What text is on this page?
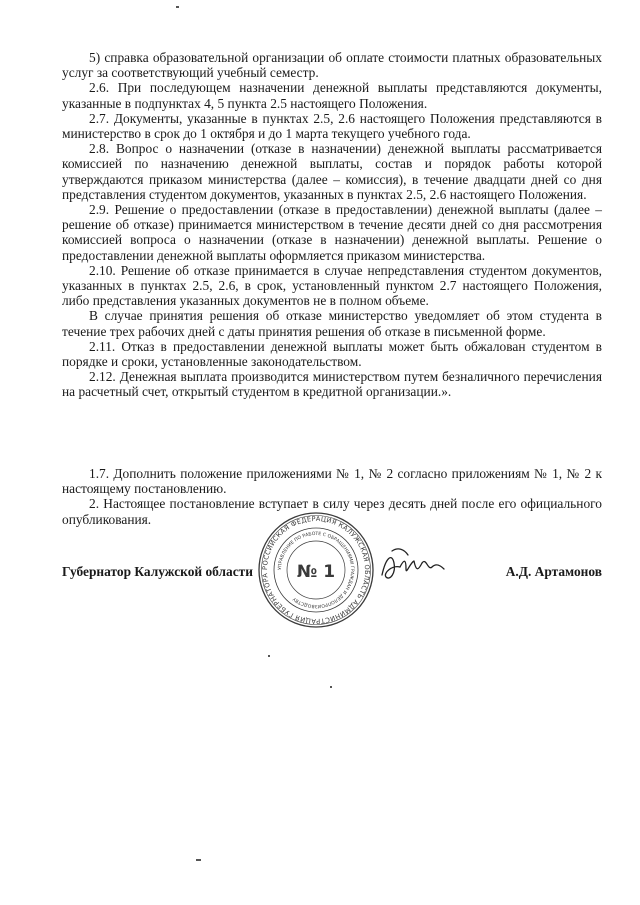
5) справка образовательной организации об оплате стоимости платных образовательных услуг за соответствующий учебный семестр.

2.6. При последующем назначении денежной выплаты представляются документы, указанные в подпунктах 4, 5 пункта 2.5 настоящего Положения.

2.7. Документы, указанные в пунктах 2.5, 2.6 настоящего Положения представляются в министерство в срок до 1 октября и до 1 марта текущего учебного года.

2.8. Вопрос о назначении (отказе в назначении) денежной выплаты рассматривается комиссией по назначению денежной выплаты, состав и порядок работы которой утверждаются приказом министерства (далее – комиссия), в течение двадцати дней со дня представления студентом документов, указанных в пунктах 2.5, 2.6 настоящего Положения.

2.9. Решение о предоставлении (отказе в предоставлении) денежной выплаты (далее – решение об отказе) принимается министерством в течение десяти дней со дня рассмотрения комиссией вопроса о назначении (отказе в назначении) денежной выплаты. Решение о предоставлении денежной выплаты оформляется приказом министерства.

2.10. Решение об отказе принимается в случае непредставления студентом документов, указанных в пунктах 2.5, 2.6, в срок, установленный пунктом 2.7 настоящего Положения, либо представления указанных документов не в полном объеме.

В случае принятия решения об отказе министерство уведомляет об этом студента в течение трех рабочих дней с даты принятия решения об отказе в письменной форме.

2.11. Отказ в предоставлении денежной выплаты может быть обжалован студентом в порядке и сроки, установленные законодательством.

2.12. Денежная выплата производится министерством путем безналичного перечисления на расчетный счет, открытый студентом в кредитной организации.».

1.7. Дополнить положение приложениями № 1, № 2 согласно приложениям № 1, № 2 к настоящему постановлению.

2. Настоящее постановление вступает в силу через десять дней после его официального опубликования.

РОССИЙСКАЯ ФЕДЕРАЦИЯ КАЛУЖСКАЯ ОБЛАСТЬ АДМИНИСТРАЦИЯ ГУБЕРНАТОРА
УПРАВЛЕНИЕ ПО РАБОТЕ С ОБРАЩЕНИЯМИ ГРАЖДАН И ДЕЛОПРОИЗВОДСТВУ
№ 1
Губернатор Калужской области	А.Д. Артамонов
